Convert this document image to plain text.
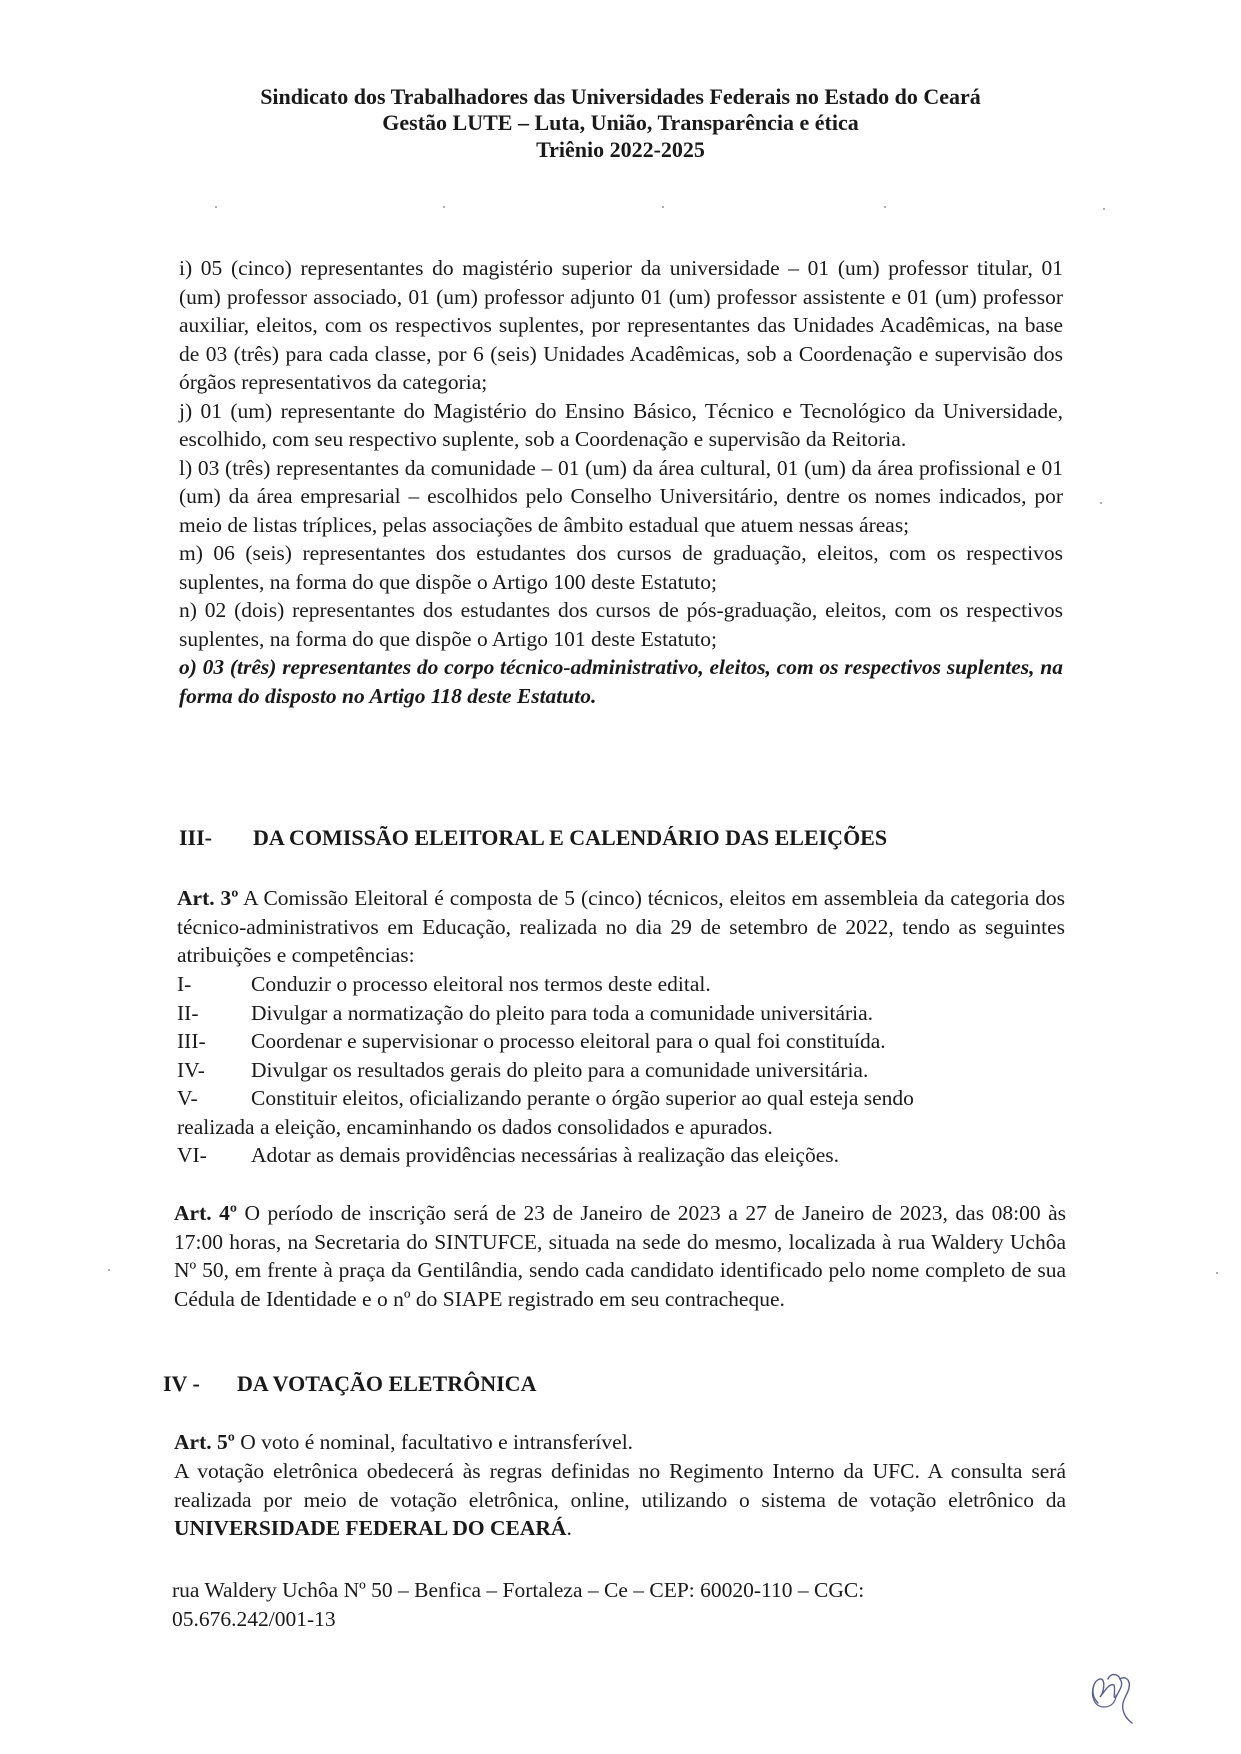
Sindicato dos Trabalhadores das Universidades Federais no Estado do Ceará
Gestão LUTE – Luta, União, Transparência e ética
Triênio 2022-2025
i) 05 (cinco) representantes do magistério superior da universidade – 01 (um) professor titular, 01 (um) professor associado, 01 (um) professor adjunto 01 (um) professor assistente e 01 (um) professor auxiliar, eleitos, com os respectivos suplentes, por representantes das Unidades Acadêmicas, na base de 03 (três) para cada classe, por 6 (seis) Unidades Acadêmicas, sob a Coordenação e supervisão dos órgãos representativos da categoria;
j) 01 (um) representante do Magistério do Ensino Básico, Técnico e Tecnológico da Universidade, escolhido, com seu respectivo suplente, sob a Coordenação e supervisão da Reitoria.
l) 03 (três) representantes da comunidade – 01 (um) da área cultural, 01 (um) da área profissional e 01 (um) da área empresarial – escolhidos pelo Conselho Universitário, dentre os nomes indicados, por meio de listas tríplices, pelas associações de âmbito estadual que atuem nessas áreas;
m) 06 (seis) representantes dos estudantes dos cursos de graduação, eleitos, com os respectivos suplentes, na forma do que dispõe o Artigo 100 deste Estatuto;
n) 02 (dois) representantes dos estudantes dos cursos de pós-graduação, eleitos, com os respectivos suplentes, na forma do que dispõe o Artigo 101 deste Estatuto;
o) 03 (três) representantes do corpo técnico-administrativo, eleitos, com os respectivos suplentes, na forma do disposto no Artigo 118 deste Estatuto.
III- DA COMISSÃO ELEITORAL E CALENDÁRIO DAS ELEIÇÕES
Art. 3º A Comissão Eleitoral é composta de 5 (cinco) técnicos, eleitos em assembleia da categoria dos técnico-administrativos em Educação, realizada no dia 29 de setembro de 2022, tendo as seguintes atribuições e competências:
I-	Conduzir o processo eleitoral nos termos deste edital.
II-	Divulgar a normatização do pleito para toda a comunidade universitária.
III-	Coordenar e supervisionar o processo eleitoral para o qual foi constituída.
IV-	Divulgar os resultados gerais do pleito para a comunidade universitária.
V-	Constituir eleitos, oficializando perante o órgão superior ao qual esteja sendo
realizada a eleição, encaminhando os dados consolidados e apurados.
VI-	Adotar as demais providências necessárias à realização das eleições.
Art. 4º O período de inscrição será de 23 de Janeiro de 2023 a 27 de Janeiro de 2023, das 08:00 às 17:00 horas, na Secretaria do SINTUFCE, situada na sede do mesmo, localizada à rua Waldery Uchôa Nº 50, em frente à praça da Gentilândia, sendo cada candidato identificado pelo nome completo de sua Cédula de Identidade e o nº do SIAPE registrado em seu contracheque.
IV - DA VOTAÇÃO ELETRÔNICA
Art. 5º O voto é nominal, facultativo e intransferível.
A votação eletrônica obedecerá às regras definidas no Regimento Interno da UFC. A consulta será realizada por meio de votação eletrônica, online, utilizando o sistema de votação eletrônico da UNIVERSIDADE FEDERAL DO CEARÁ.
rua Waldery Uchôa Nº 50 – Benfica – Fortaleza – Ce – CEP: 60020-110 – CGC:
05.676.242/001-13
